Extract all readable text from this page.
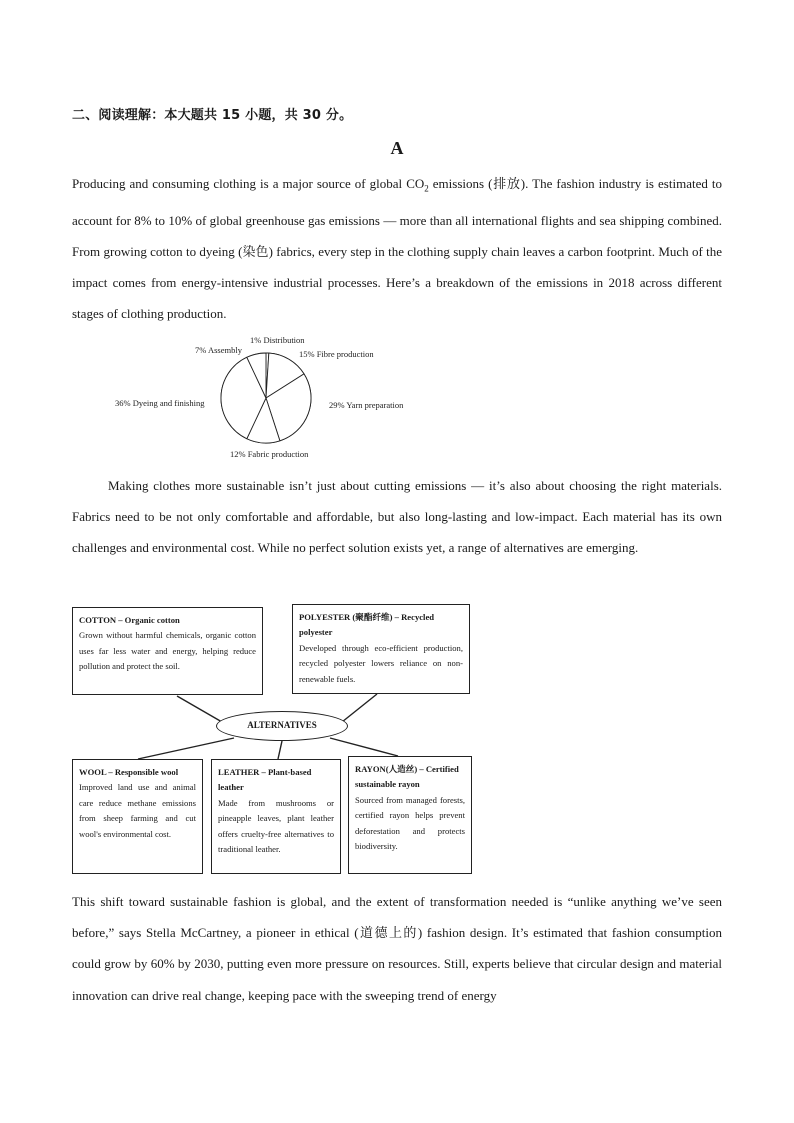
二、阅读理解：本大题共 15 小题，共 30 分。
A

Producing and consuming clothing is a major source of global $CO_2$ emissions (排放). The fashion industry is estimated to account for 8% to 10% of global greenhouse gas emissions — more than all international flights and sea shipping combined. From growing cotton to dyeing (染色) fabrics, every step in the clothing supply chain leaves a carbon footprint. Much of the impact comes from energy-intensive industrial processes. Here’s a breakdown of the emissions in 2018 across different stages of clothing production.

1% Distribution
15% Fibre production
29% Yarn preparation
12% Fabric production
36% Dyeing and finishing
7% Assembly

Making clothes more sustainable isn’t just about cutting emissions — it’s also about choosing the right materials. Fabrics need to be not only comfortable and affordable, but also long-lasting and low-impact. Each material has its own challenges and environmental cost. While no perfect solution exists yet, a range of alternatives are emerging.

COTTON – Organic cotton
Grown without harmful chemicals, organic cotton uses far less water and energy, helping reduce pollution and protect the soil.
POLYESTER (聚酯纤维) – Recycled polyester
Developed through eco-efficient production, recycled polyester lowers reliance on non-renewable fuels.
ALTERNATIVES
WOOL – Responsible wool
Improved land use and animal care reduce methane emissions from sheep farming and cut wool's environmental cost.
LEATHER – Plant-based leather
Made from mushrooms or pineapple leaves, plant leather offers cruelty-free alternatives to traditional leather.
RAYON(人造丝) – Certified sustainable rayon
Sourced from managed forests, certified rayon helps prevent deforestation and protects biodiversity.

This shift toward sustainable fashion is global, and the extent of transformation needed is “unlike anything we’ve seen before,” says Stella McCartney, a pioneer in ethical (道德上的) fashion design. It’s estimated that fashion consumption could grow by 60% by 2030, putting even more pressure on resources. Still, experts believe that circular design and material innovation can drive real change, keeping pace with the sweeping trend of energy
